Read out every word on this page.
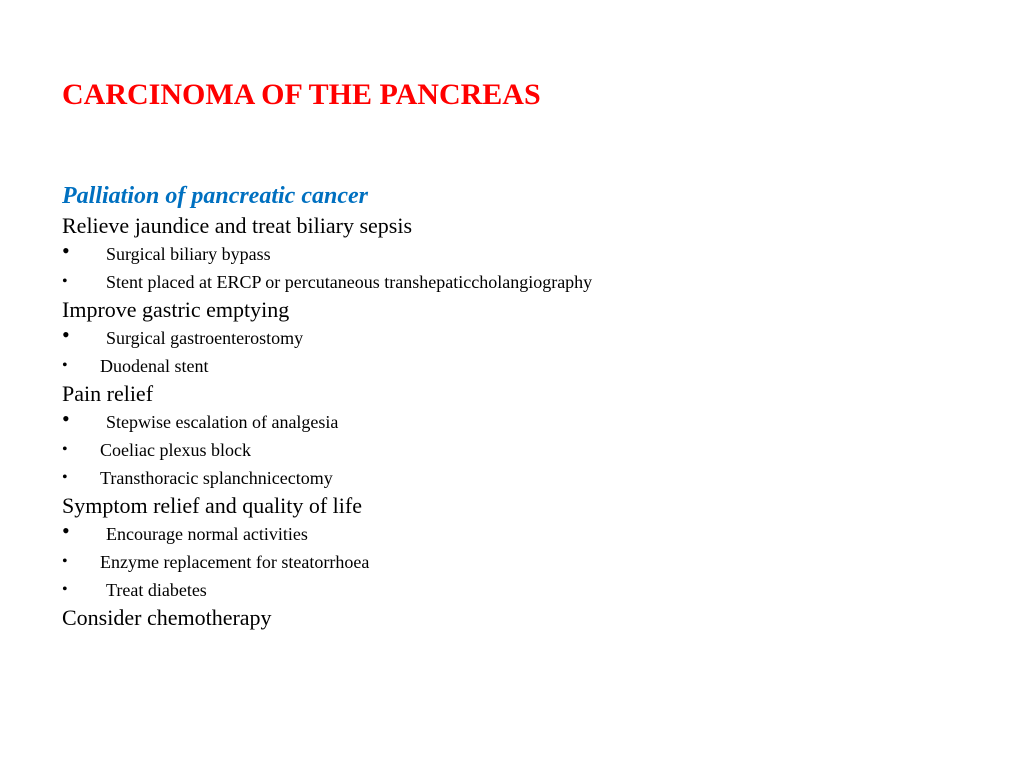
CARCINOMA OF THE PANCREAS
Palliation of pancreatic cancer
Relieve jaundice and treat biliary sepsis
• Surgical biliary bypass
• Stent placed at ERCP or percutaneous transhepaticcholangiography
Improve gastric emptying
• Surgical gastroenterostomy
• Duodenal stent
Pain relief
• Stepwise escalation of analgesia
• Coeliac plexus block
• Transthoracic splanchnicectomy
Symptom relief and quality of life
• Encourage normal activities
• Enzyme replacement for steatorrhoea
• Treat diabetes
Consider chemotherapy
